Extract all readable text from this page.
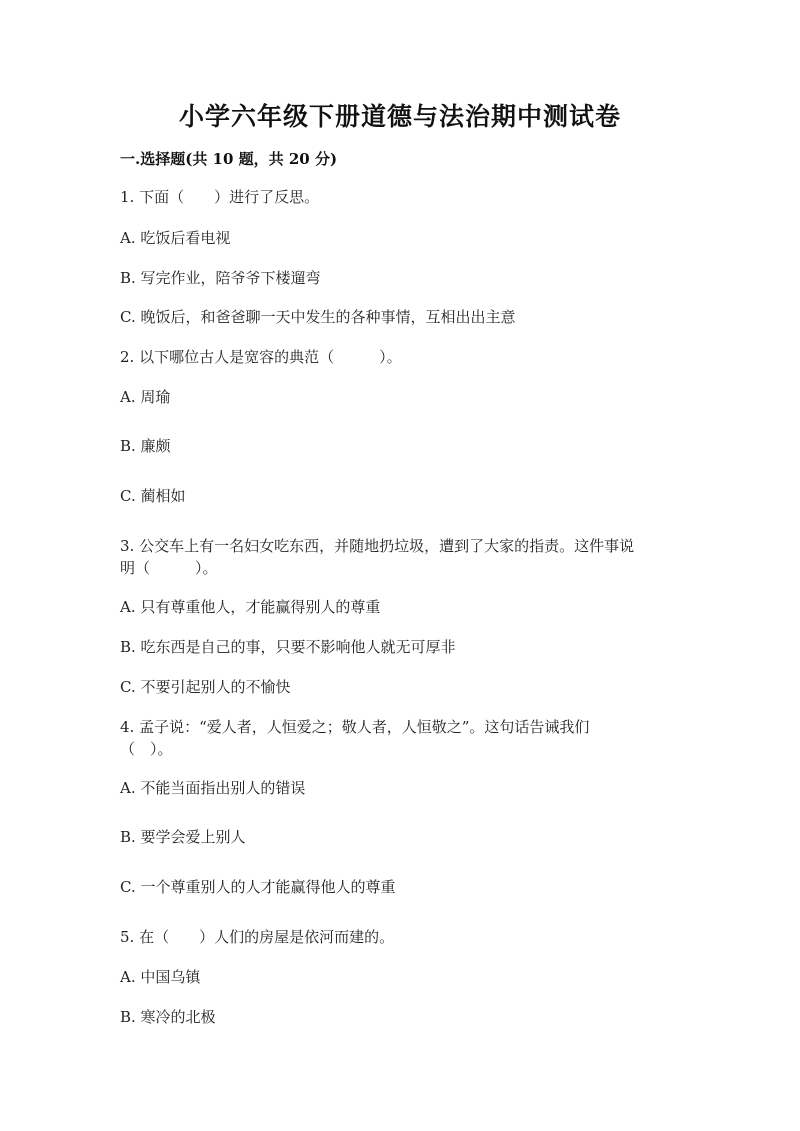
小学六年级下册道德与法治期中测试卷
一.选择题(共 10 题，共 20 分)
1. 下面（　　）进行了反思。
A. 吃饭后看电视
B. 写完作业，陪爷爷下楼遛弯
C. 晚饭后，和爸爸聊一天中发生的各种事情，互相出出主意
2. 以下哪位古人是宽容的典范（　　　）。
A. 周瑜
B. 廉颇
C. 蔺相如
3. 公交车上有一名妇女吃东西，并随地扔垃圾，遭到了大家的指责。这件事说
明（　　　）。
A. 只有尊重他人，才能赢得别人的尊重
B. 吃东西是自己的事，只要不影响他人就无可厚非
C. 不要引起别人的不愉快
4. 孟子说：“爱人者，人恒爱之；敬人者，人恒敬之”。这句话告诫我们
（　）。
A. 不能当面指出别人的错误
B. 要学会爱上别人
C. 一个尊重别人的人才能赢得他人的尊重
5. 在（　　）人们的房屋是依河而建的。
A. 中国乌镇
B. 寒冷的北极
